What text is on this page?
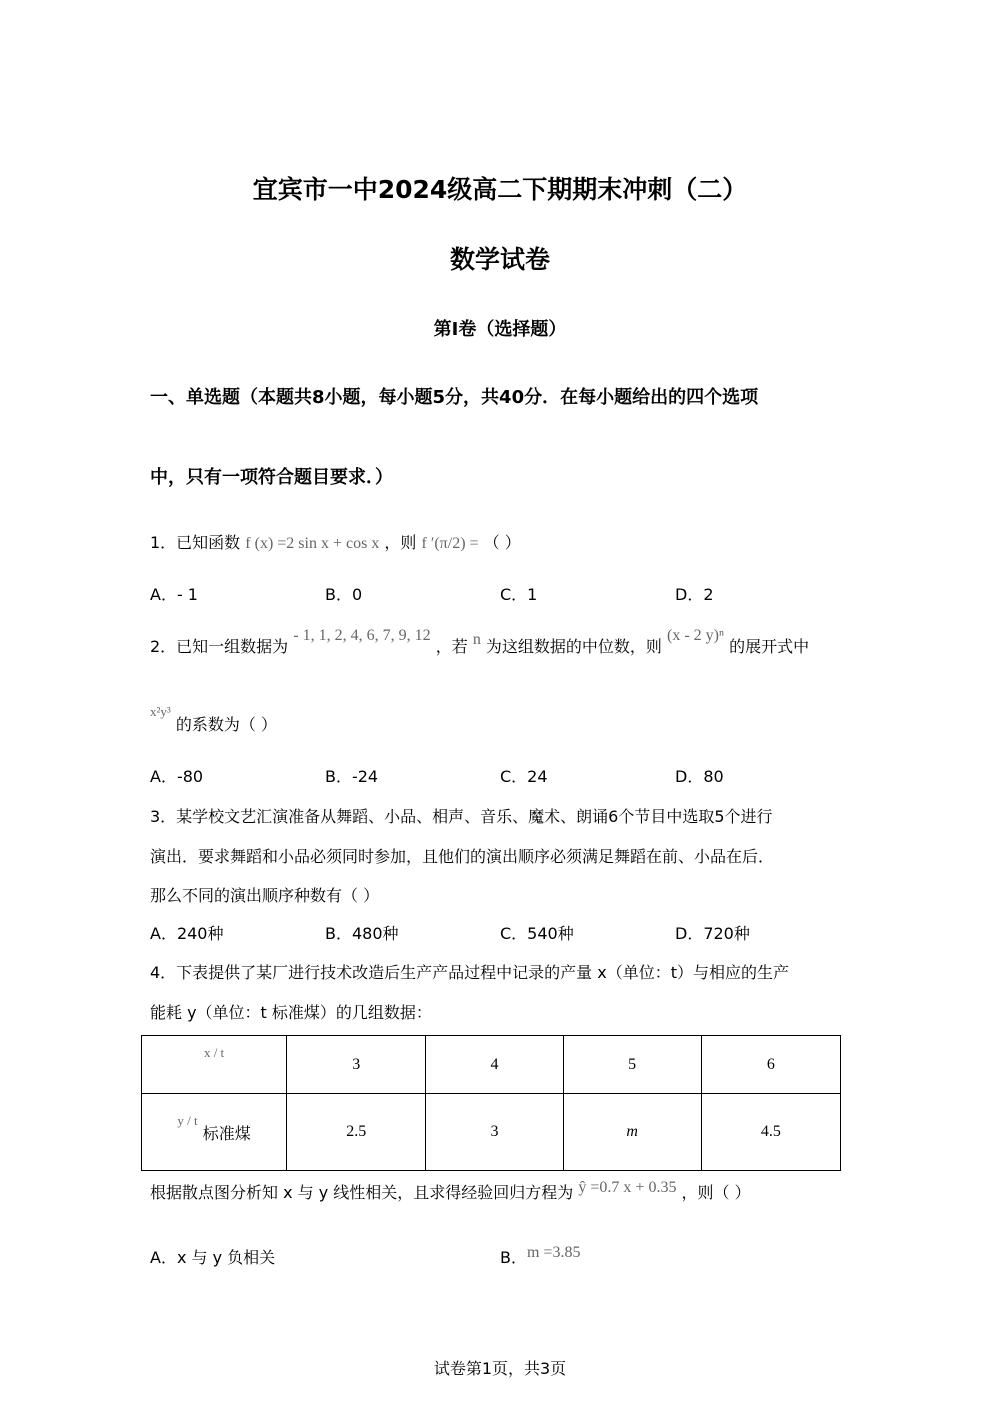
宜宾市一中2024级高二下期期末冲刺（二）
数学试卷
第I卷（选择题）
一、单选题（本题共8小题，每小题5分，共40分．在每小题给出的四个选项
中，只有一项符合题目要求．）
1．已知函数 f (x) =2 sin x + cos x ，则 f ′(π/2) = （ ）
A．- 1	B．0	C．1	D．2
2．已知一组数据为 - 1, 1, 2, 4, 6, 7, 9, 12 ，若 n 为这组数据的中位数，则 (x - 2 y)ⁿ 的展开式中
$^{x^2y^3}$ 的系数为（ ）
A．-80	B．-24	C．24	D．80
3．某学校文艺汇演准备从舞蹈、小品、相声、音乐、魔术、朗诵6个节目中选取5个进行
演出．要求舞蹈和小品必须同时参加，且他们的演出顺序必须满足舞蹈在前、小品在后．
那么不同的演出顺序种数有（ ）
A．240种	B．480种	C．540种	D．720种
4．下表提供了某厂进行技术改造后生产产品过程中记录的产量 x（单位：t）与相应的生产
能耗 y（单位：t 标准煤）的几组数据：
x / t	3	4	5	6
$^{y / t}$ 标准煤	2.5	3	m	4.5
根据散点图分析知 x 与 y 线性相关，且求得经验回归方程为 ŷ =0.7 x + 0.35 ，则（ ）
A．x 与 y 负相关	B．m =3.85
试卷第1页，共3页
